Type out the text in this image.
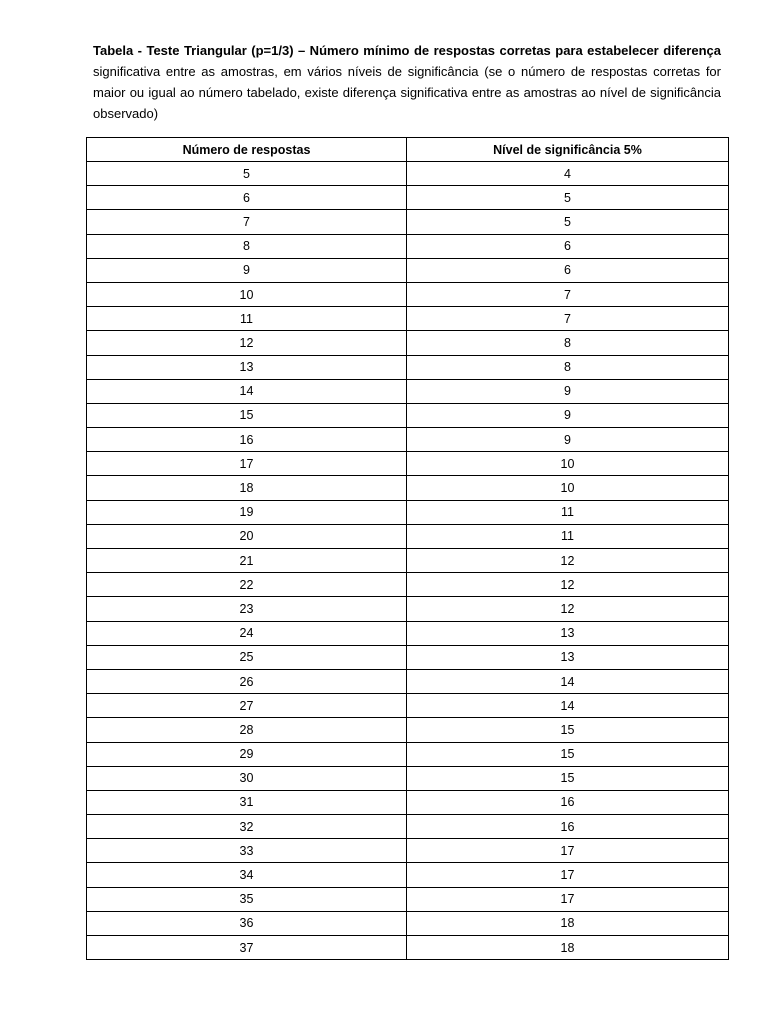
Tabela - Teste Triangular (p=1/3) – Número mínimo de respostas corretas para estabelecer diferença significativa entre as amostras, em vários níveis de significância (se o número de respostas corretas for maior ou igual ao número tabelado, existe diferença significativa entre as amostras ao nível de significância observado)
Número de respostas	Nível de significância 5%
5	4
6	5
7	5
8	6
9	6
10	7
11	7
12	8
13	8
14	9
15	9
16	9
17	10
18	10
19	11
20	11
21	12
22	12
23	12
24	13
25	13
26	14
27	14
28	15
29	15
30	15
31	16
32	16
33	17
34	17
35	17
36	18
37	18
